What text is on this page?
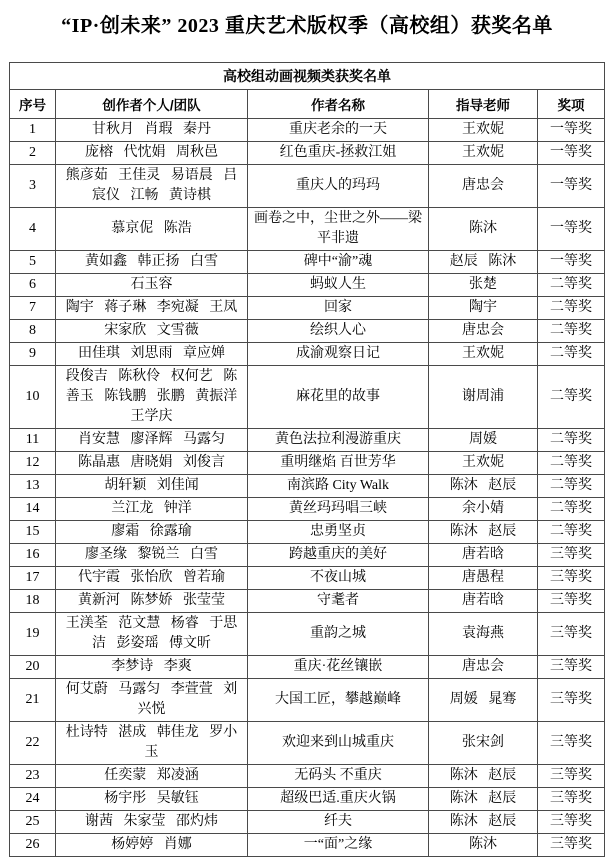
“IP·创未来” 2023 重庆艺术版权季（高校组）获奖名单
高校组动画视频类获奖名单				
序号	创作者个人/团队	作者名称	指导老师	奖项
1	甘秋月 肖瑕 秦丹	重庆老余的一天	王欢妮	一等奖
2	庞榕 代忱娟 周秋邑	红色重庆-拯救江姐	王欢妮	一等奖
3	熊彦茹 王佳灵 易语晨 吕宸仪 江畅 黄诗棋	重庆人的玛玛	唐忠会	一等奖
4	慕京伲 陈浩	画卷之中，尘世之外——梁平非遗	陈沐	一等奖
5	黄如鑫 韩正扬 白雪	碑中“渝”魂	赵辰 陈沐	一等奖
6	石玉容	蚂蚁人生	张楚	二等奖
7	陶宇 蒋子琳 李宛凝 王凤	回家	陶宇	二等奖
8	宋家欣 文雪薇	绘织人心	唐忠会	二等奖
9	田佳琪 刘思雨 章应婵	成渝观察日记	王欢妮	二等奖
10	段俊吉 陈秋伶 权何艺 陈善玉 陈钱鹏 张鹏 黄振洋 王学庆	麻花里的故事	谢周浦	二等奖
11	肖安慧 廖泽辉 马露匀	黄色法拉利漫游重庆	周媛	二等奖
12	陈晶惠 唐晓娟 刘俊言	重明继焰 百世芳华	王欢妮	二等奖
13	胡轩颖 刘佳闻	南滨路 City Walk	陈沐 赵辰	二等奖
14	兰江龙 钟洋	黄丝玛玛唱三峡	余小婧	二等奖
15	廖霜 徐露瑜	忠勇坚贞	陈沐 赵辰	二等奖
16	廖圣缘 黎锐兰 白雪	跨越重庆的美好	唐若晗	三等奖
17	代宇霞 张怡欣 曾若瑜	不夜山城	唐愚程	三等奖
18	黄新河 陈梦娇 张莹莹	守耄者	唐若晗	三等奖
19	王渼荃 范文慧 杨睿 于思洁 彭姿瑶 傅文昕	重韵之城	袁海燕	三等奖
20	李梦诗 李爽	重庆·花丝镶嵌	唐忠会	三等奖
21	何艾蔚 马露匀 李萱萱 刘兴悦	大国工匠，攀越巅峰	周媛 晁骞	三等奖
22	杜诗特 湛成 韩佳龙 罗小玉	欢迎来到山城重庆	张宋剑	三等奖
23	任奕蒙 郑凌涵	无码头 不重庆	陈沐 赵辰	三等奖
24	杨宇彤 吴敏钰	超级巴适.重庆火锅	陈沐 赵辰	三等奖
25	谢茜 朱家莹 邵灼炜	纤夫	陈沐 赵辰	三等奖
26	杨婷婷 肖娜	一“面”之缘	陈沐	三等奖
